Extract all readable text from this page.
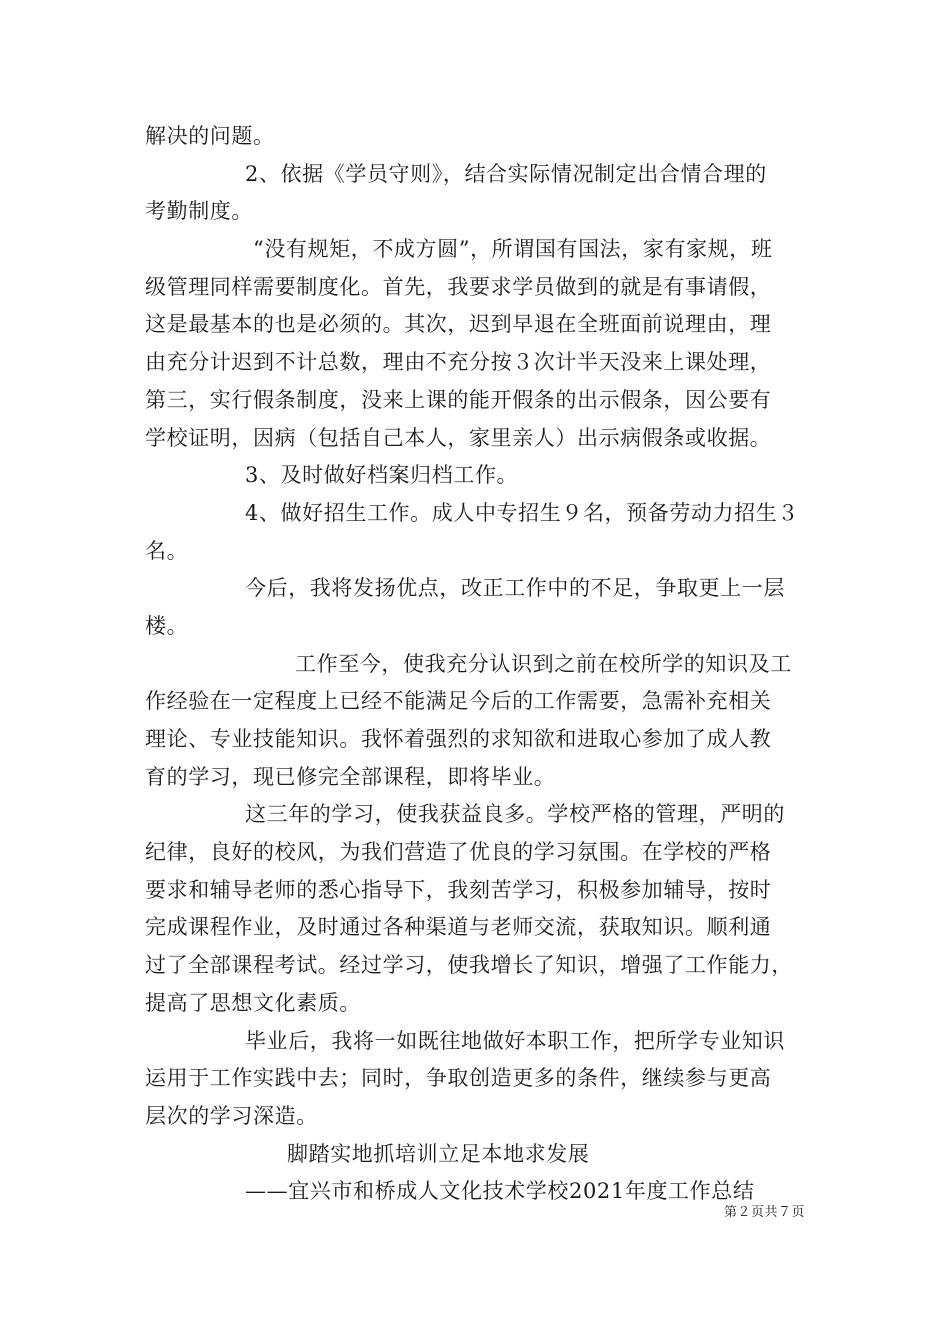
解决的问题。
2、依据《学员守则》，结合实际情况制定出合情合理的
考勤制度。
“没有规矩，不成方圆”，所谓国有国法，家有家规，班
级管理同样需要制度化。首先，我要求学员做到的就是有事请假，
这是最基本的也是必须的。其次，迟到早退在全班面前说理由，理
由充分计迟到不计总数，理由不充分按３次计半天没来上课处理，
第三，实行假条制度，没来上课的能开假条的出示假条，因公要有
学校证明，因病（包括自己本人，家里亲人）出示病假条或收据。
3、及时做好档案归档工作。
4、做好招生工作。成人中专招生９名，预备劳动力招生３
名。
今后，我将发扬优点，改正工作中的不足，争取更上一层
楼。
工作至今，使我充分认识到之前在校所学的知识及工
作经验在一定程度上已经不能满足今后的工作需要，急需补充相关
理论、专业技能知识。我怀着强烈的求知欲和进取心参加了成人教
育的学习，现已修完全部课程，即将毕业。
这三年的学习，使我获益良多。学校严格的管理，严明的
纪律，良好的校风，为我们营造了优良的学习氛围。在学校的严格
要求和辅导老师的悉心指导下，我刻苦学习，积极参加辅导，按时
完成课程作业，及时通过各种渠道与老师交流，获取知识。顺利通
过了全部课程考试。经过学习，使我增长了知识，增强了工作能力，
提高了思想文化素质。
毕业后，我将一如既往地做好本职工作，把所学专业知识
运用于工作实践中去；同时，争取创造更多的条件，继续参与更高
层次的学习深造。
脚踏实地抓培训立足本地求发展
——宜兴市和桥成人文化技术学校2021年度工作总结
第２页共７页
